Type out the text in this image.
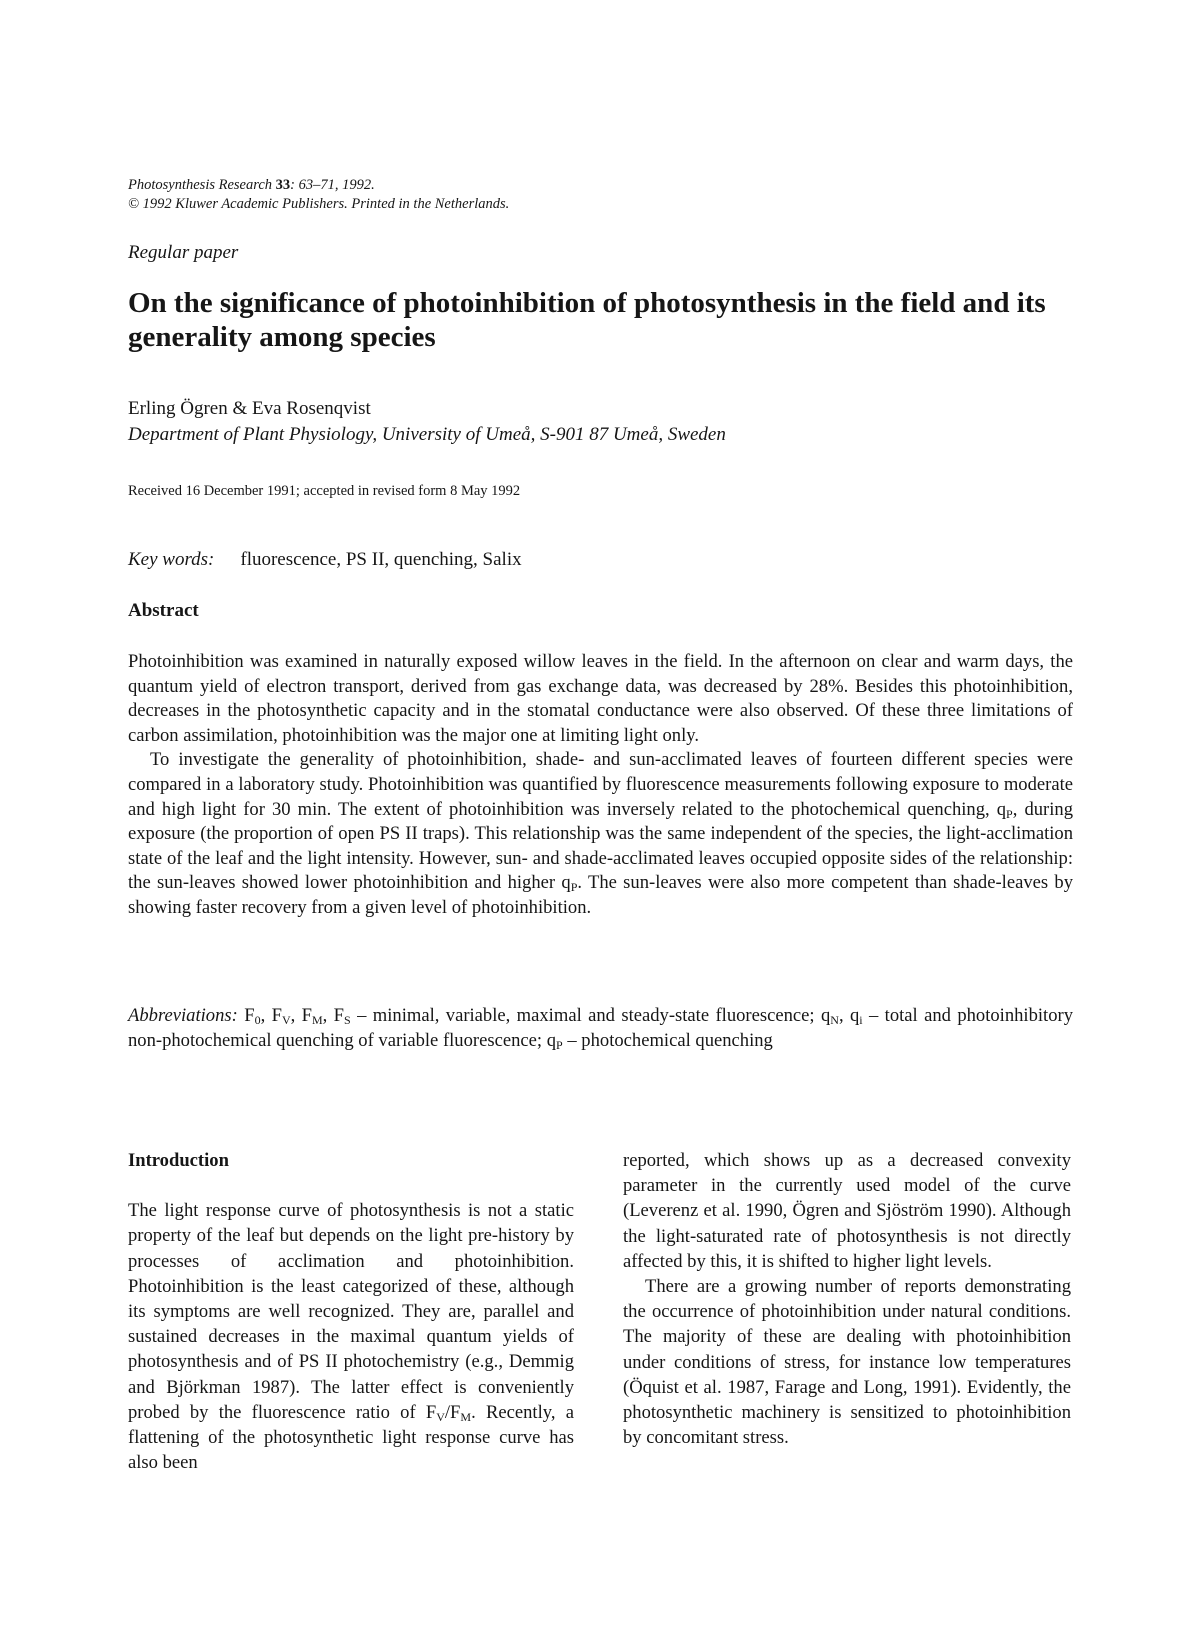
Photosynthesis Research 33: 63–71, 1992.
© 1992 Kluwer Academic Publishers. Printed in the Netherlands.
Regular paper
On the significance of photoinhibition of photosynthesis in the field and its generality among species
Erling Ögren & Eva Rosenqvist
Department of Plant Physiology, University of Umeå, S-901 87 Umeå, Sweden
Received 16 December 1991; accepted in revised form 8 May 1992
Key words: fluorescence, PS II, quenching, Salix
Abstract

Photoinhibition was examined in naturally exposed willow leaves in the field. In the afternoon on clear and warm days, the quantum yield of electron transport, derived from gas exchange data, was decreased by 28%. Besides this photoinhibition, decreases in the photosynthetic capacity and in the stomatal conductance were also observed. Of these three limitations of carbon assimilation, photoinhibition was the major one at limiting light only.

To investigate the generality of photoinhibition, shade- and sun-acclimated leaves of fourteen different species were compared in a laboratory study. Photoinhibition was quantified by fluorescence measurements following exposure to moderate and high light for 30 min. The extent of photoinhibition was inversely related to the photochemical quenching, $q_P$, during exposure (the proportion of open PS II traps). This relationship was the same independent of the species, the light-acclimation state of the leaf and the light intensity. However, sun- and shade-acclimated leaves occupied opposite sides of the relationship: the sun-leaves showed lower photoinhibition and higher $q_P$. The sun-leaves were also more competent than shade-leaves by showing faster recovery from a given level of photoinhibition.

Abbreviations: $F_0$, $F_V$, $F_M$, $F_S$ – minimal, variable, maximal and steady-state fluorescence; $q_N$, $q_i$ – total and photoinhibitory non-photochemical quenching of variable fluorescence; $q_P$ – photochemical quenching

Introduction

The light response curve of photosynthesis is not a static property of the leaf but depends on the light pre-history by processes of acclimation and photoinhibition. Photoinhibition is the least categorized of these, although its symptoms are well recognized. They are, parallel and sustained decreases in the maximal quantum yields of photosynthesis and of PS II photochemistry (e.g., Demmig and Björkman 1987). The latter effect is conveniently probed by the fluorescence ratio of $F_V/F_M$. Recently, a flattening of the photosynthetic light response curve has also been

reported, which shows up as a decreased convexity parameter in the currently used model of the curve (Leverenz et al. 1990, Ögren and Sjöström 1990). Although the light-saturated rate of photosynthesis is not directly affected by this, it is shifted to higher light levels.

There are a growing number of reports demonstrating the occurrence of photoinhibition under natural conditions. The majority of these are dealing with photoinhibition under conditions of stress, for instance low temperatures (Öquist et al. 1987, Farage and Long, 1991). Evidently, the photosynthetic machinery is sensitized to photoinhibition by concomitant stress.
